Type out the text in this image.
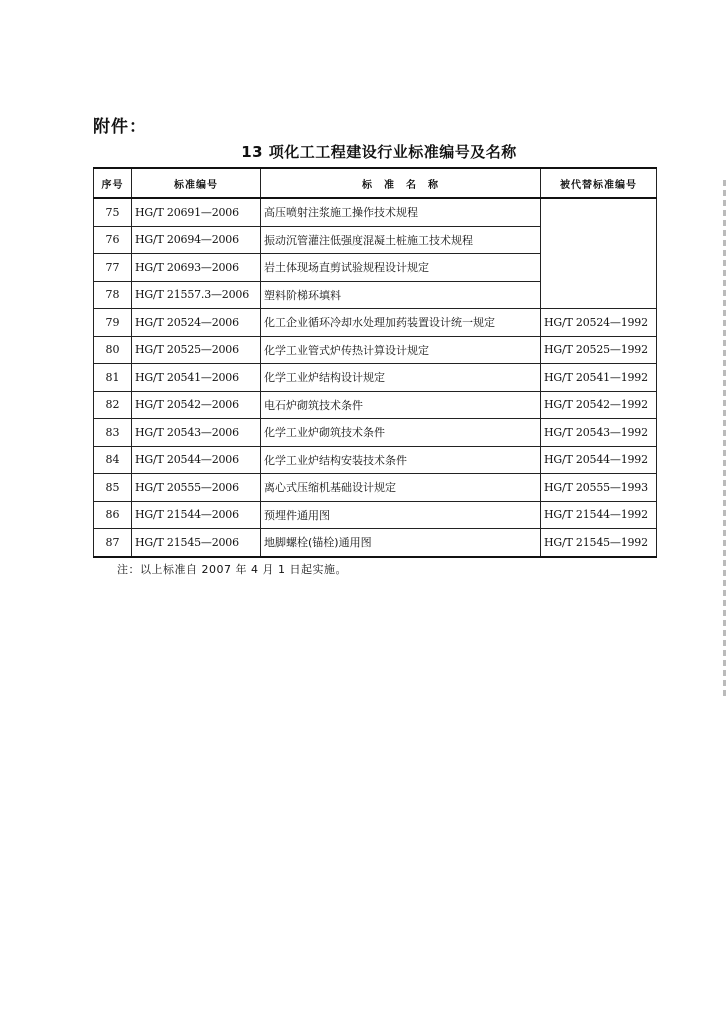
附件：
13 项化工工程建设行业标准编号及名称
序号	标准编号	标　准　名　称	被代替标准编号
75	HG/T 20691—2006	高压喷射注浆施工操作技术规程	
76	HG/T 20694—2006	振动沉管灌注低强度混凝土桩施工技术规程	
77	HG/T 20693—2006	岩土体现场直剪试验规程设计规定	
78	HG/T 21557.3—2006	塑料阶梯环填料	
79	HG/T 20524—2006	化工企业循环冷却水处理加药装置设计统一规定	HG/T 20524—1992
80	HG/T 20525—2006	化学工业管式炉传热计算设计规定	HG/T 20525—1992
81	HG/T 20541—2006	化学工业炉结构设计规定	HG/T 20541—1992
82	HG/T 20542—2006	电石炉砌筑技术条件	HG/T 20542—1992
83	HG/T 20543—2006	化学工业炉砌筑技术条件	HG/T 20543—1992
84	HG/T 20544—2006	化学工业炉结构安装技术条件	HG/T 20544—1992
85	HG/T 20555—2006	离心式压缩机基础设计规定	HG/T 20555—1993
86	HG/T 21544—2006	预埋件通用图	HG/T 21544—1992
87	HG/T 21545—2006	地脚螺栓(锚栓)通用图	HG/T 21545—1992
注：以上标准自 2007 年 4 月 1 日起实施。
